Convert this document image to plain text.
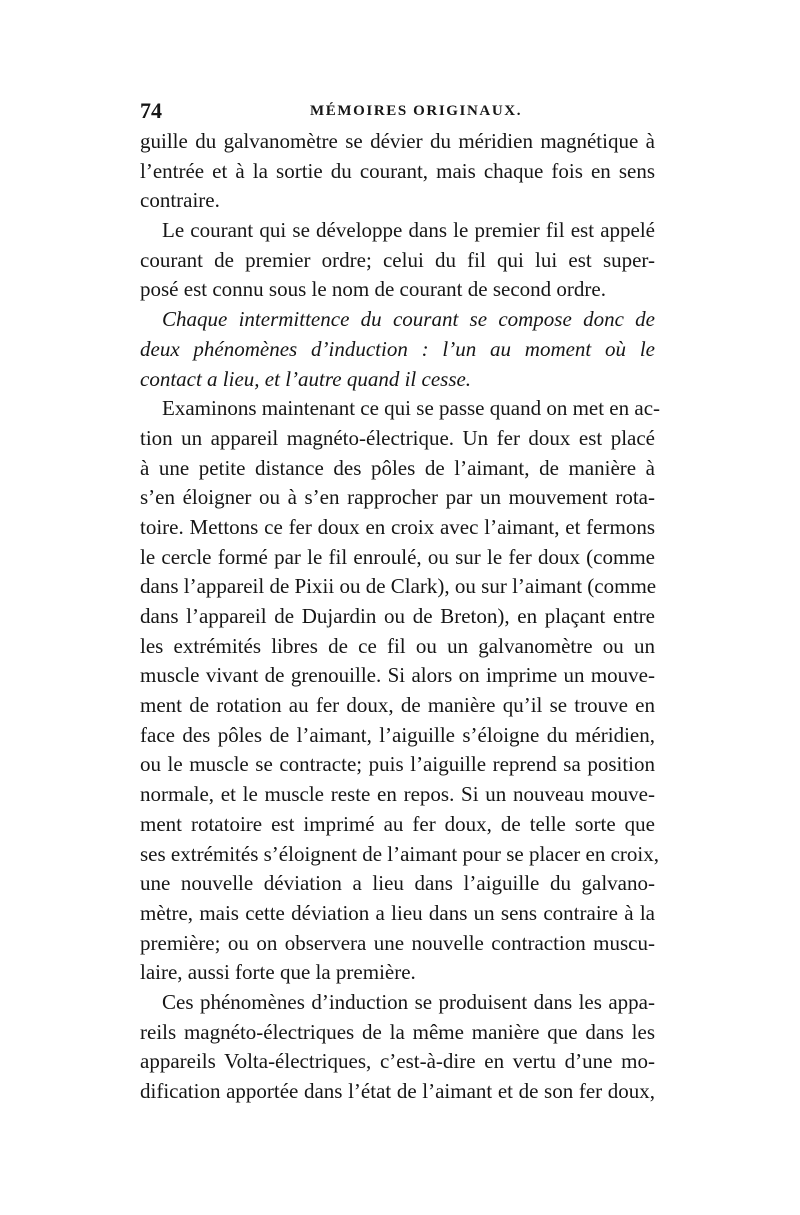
74	MÉMOIRES ORIGINAUX.
guille du galvanomètre se dévier du méridien magnétique à
l’entrée et à la sortie du courant, mais chaque fois en sens
contraire.
Le courant qui se développe dans le premier fil est appelé
courant de premier ordre; celui du fil qui lui est super-
posé est connu sous le nom de courant de second ordre.
Chaque intermittence du courant se compose donc de
deux phénomènes d’induction : l’un au moment où le
contact a lieu, et l’autre quand il cesse.
Examinons maintenant ce qui se passe quand on met en ac-
tion un appareil magnéto-électrique. Un fer doux est placé
à une petite distance des pôles de l’aimant, de manière à
s’en éloigner ou à s’en rapprocher par un mouvement rota-
toire. Mettons ce fer doux en croix avec l’aimant, et fermons
le cercle formé par le fil enroulé, ou sur le fer doux (comme
dans l’appareil de Pixii ou de Clark), ou sur l’aimant (comme
dans l’appareil de Dujardin ou de Breton), en plaçant entre
les extrémités libres de ce fil ou un galvanomètre ou un
muscle vivant de grenouille. Si alors on imprime un mouve-
ment de rotation au fer doux, de manière qu’il se trouve en
face des pôles de l’aimant, l’aiguille s’éloigne du méridien,
ou le muscle se contracte; puis l’aiguille reprend sa position
normale, et le muscle reste en repos. Si un nouveau mouve-
ment rotatoire est imprimé au fer doux, de telle sorte que
ses extrémités s’éloignent de l’aimant pour se placer en croix,
une nouvelle déviation a lieu dans l’aiguille du galvano-
mètre, mais cette déviation a lieu dans un sens contraire à la
première; ou on observera une nouvelle contraction muscu-
laire, aussi forte que la première.
Ces phénomènes d’induction se produisent dans les appa-
reils magnéto-électriques de la même manière que dans les
appareils Volta-électriques, c’est-à-dire en vertu d’une mo-
dification apportée dans l’état de l’aimant et de son fer doux,
